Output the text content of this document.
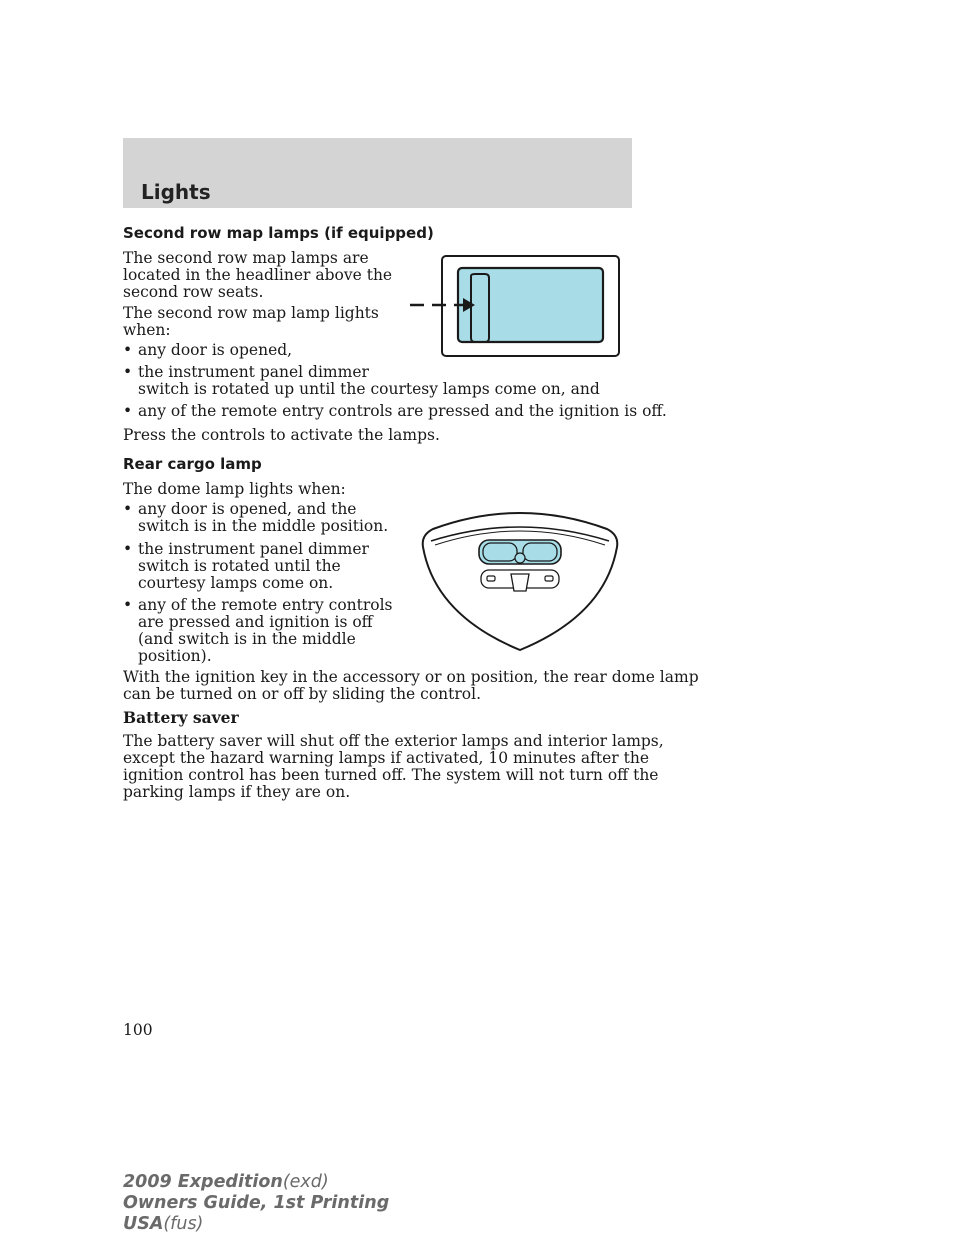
Lights

Second row map lamps (if equipped)

The second row map lamps are

located in the headliner above the

second row seats.

The second row map lamp lights

when:

• any door is opened,
• the instrument panel dimmer
switch is rotated up until the courtesy lamps come on, and
• any of the remote entry controls are pressed and the ignition is off.

Press the controls to activate the lamps.

Rear cargo lamp

The dome lamp lights when:

• any door is opened, and the
switch is in the middle position.
• the instrument panel dimmer
switch is rotated until the
courtesy lamps come on.
• any of the remote entry controls
are pressed and ignition is off
(and switch is in the middle
position).

With the ignition key in the accessory or on position, the rear dome lamp

can be turned on or off by sliding the control.

Battery saver

The battery saver will shut off the exterior lamps and interior lamps,

except the hazard warning lamps if activated, 10 minutes after the

ignition control has been turned off. The system will not turn off the

parking lamps if they are on.

100
2009 Expedition(exd)
Owners Guide, 1st Printing
USA(fus)
